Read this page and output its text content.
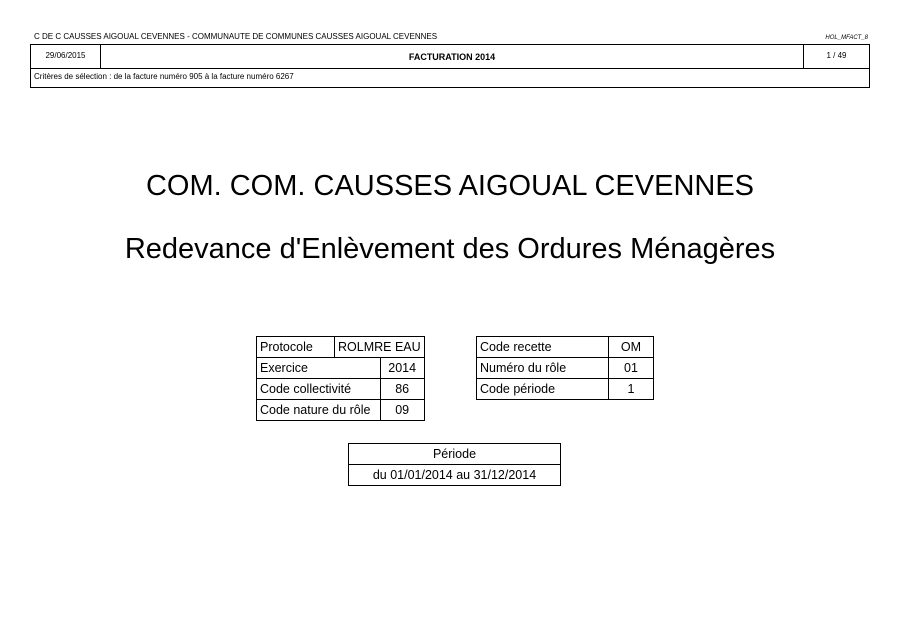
C DE C CAUSSES AIGOUAL CEVENNES - COMMUNAUTE DE COMMUNES CAUSSES AIGOUAL CEVENNES	HOL_MFACT_8
29/06/2015	FACTURATION 2014	1 / 49
Critères de sélection : de la facture numéro 905 à la facture numéro 6267
COM. COM. CAUSSES AIGOUAL CEVENNES
Redevance d'Enlèvement des Ordures Ménagères
Protocole	ROLMRE EAU	
Exercice		2014
Code collectivité		86
Code nature du rôle		09
Code recette	OM
Numéro du rôle	01
Code période	1
Période
du 01/01/2014 au 31/12/2014
